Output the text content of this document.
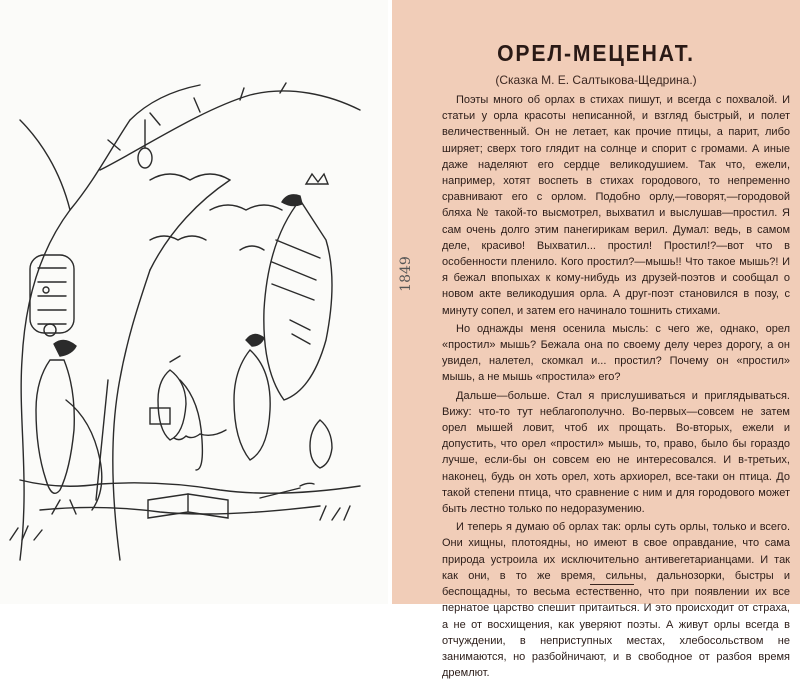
ОРЕЛ-МЕЦЕНАТ.
(Сказка М. Е. Салтыкова-Щедрина.)

Поэты много об орлах в стихах пишут, и всегда с похвалой. И статьи у орла красоты неписанной, и взгляд быстрый, и полет величественный. Он не летает, как прочие птицы, а парит, либо ширяет; сверх того глядит на солнце и спорит с громами. А иные даже наделяют его сердце великодушием. Так что, ежели, например, хотят воспеть в стихах городового, то непременно сравнивают его с орлом. Подобно орлу,—говорят,—городовой бляха № такой-то высмотрел, выхватил и выслушав—простил. Я сам очень долго этим панегирикам верил. Думал: ведь, в самом деле, красиво! Выхватил... простил! Простил!?—вот что в особенности пленило. Кого простил?—мышь!! Что такое мышь?! И я бежал впопыхах к кому-нибудь из друзей-поэтов и сообщал о новом акте великодушия орла. А друг-поэт становился в позу, с минуту сопел, и затем его начинало тошнить стихами.

Но однажды меня осенила мысль: с чего же, однако, орел «простил» мышь? Бежала она по своему делу через дорогу, а он увидел, налетел, скомкал и... простил? Почему он «простил» мышь, а не мышь «простила» его?

Дальше—больше. Стал я прислушиваться и приглядываться. Вижу: что-то тут неблагополучно. Во-первых—совсем не затем орел мышей ловит, чтоб их прощать. Во-вторых, ежели и допустить, что орел «простил» мышь, то, право, было бы гораздо лучше, если-бы он совсем ею не интересовался. И в-третьих, наконец, будь он хоть орел, хоть архиорел, все-таки он птица. До такой степени птица, что сравнение с ним и для городового может быть лестно только по недоразумению.

И теперь я думаю об орлах так: орлы суть орлы, только и всего. Они хищны, плотоядны, но имеют в свое оправдание, что сама природа устроила их исключительно антивегетарианцами. И так как они, в то же время, сильны, дальнозорки, быстры и беспощадны, то весьма естественно, что при появлении их все пернатое царство спешит притаиться. И это происходит от страха, а не от восхищения, как уверяют поэты. А живут орлы всегда в отчуждении, в неприступных местах, хлебосольством не занимаются, но разбойничают, и в свободное от разбоя время дремлют.

1849
